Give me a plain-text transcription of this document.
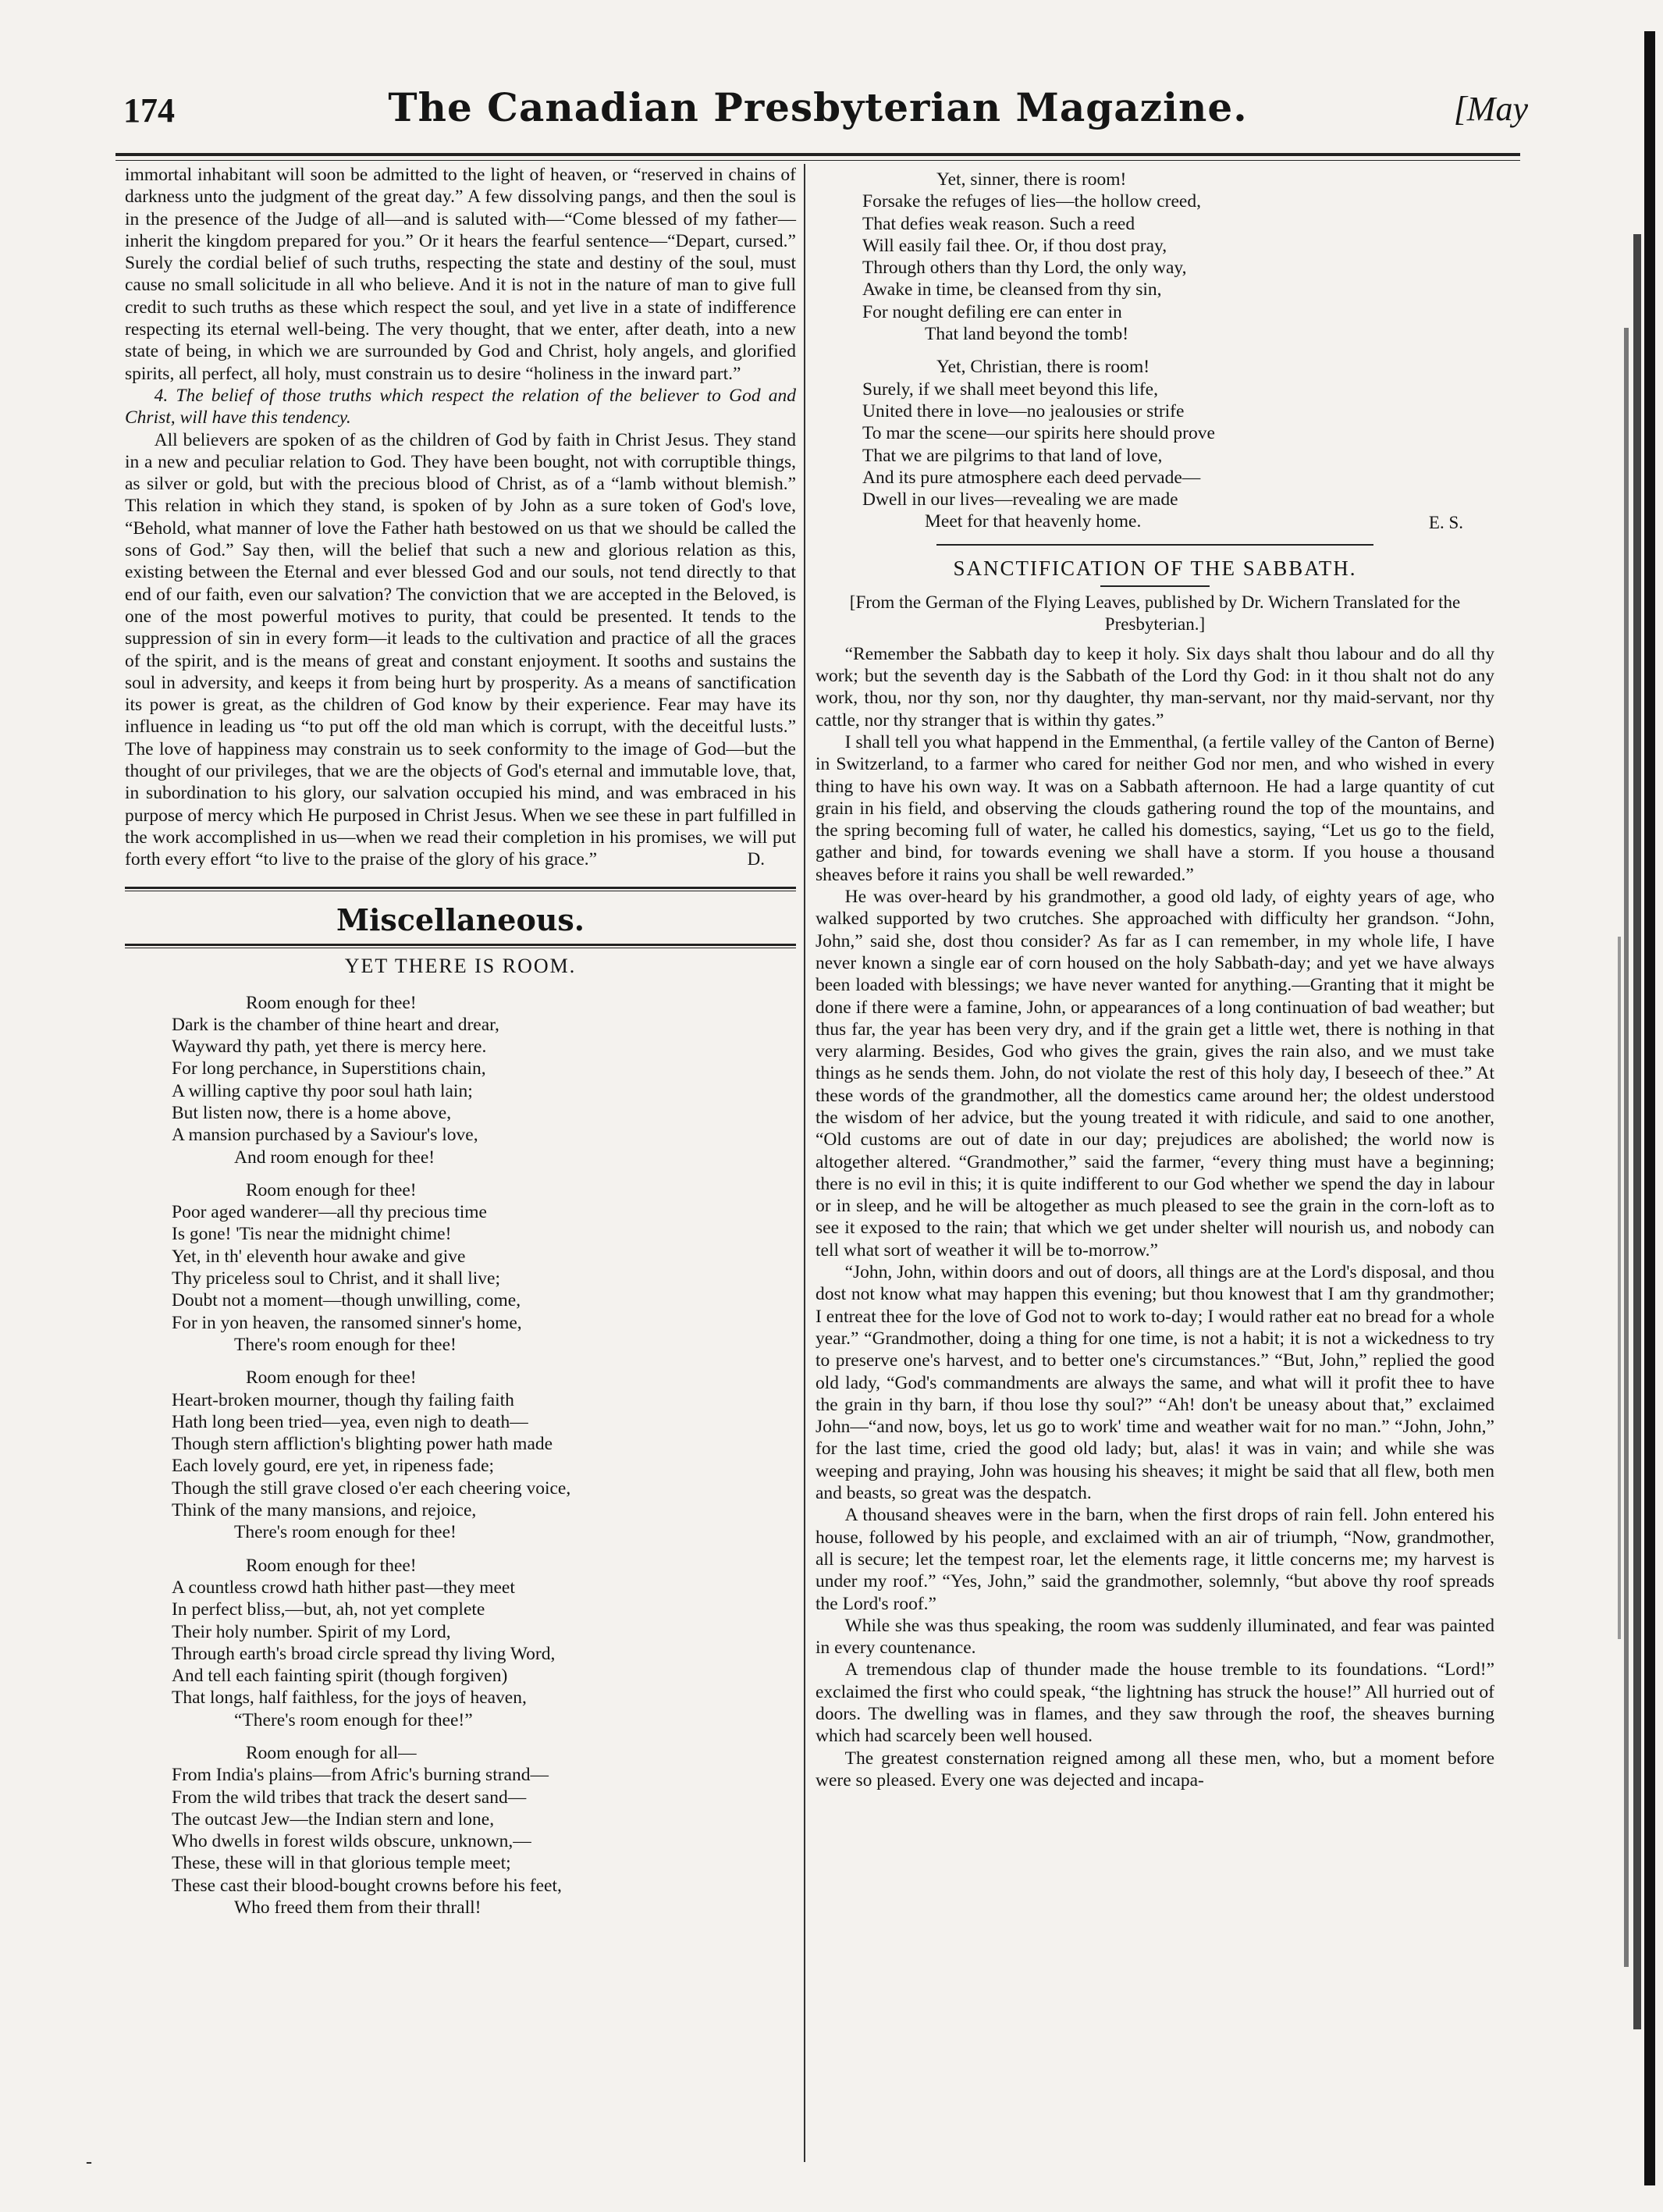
174	The Canadian Presbyterian Magazine.	[May

immortal inhabitant will soon be admitted to the light of heaven, or “reserved in chains of darkness unto the judgment of the great day.” A few dissolving pangs, and then the soul is in the presence of the Judge of all—and is saluted with—“Come blessed of my father—inherit the kingdom prepared for you.” Or it hears the fearful sentence—“Depart, cursed.” Surely the cordial belief of such truths, respecting the state and destiny of the soul, must cause no small solicitude in all who believe. And it is not in the nature of man to give full credit to such truths as these which respect the soul, and yet live in a state of indifference respecting its eternal well-being. The very thought, that we enter, after death, into a new state of being, in which we are surrounded by God and Christ, holy angels, and glorified spirits, all perfect, all holy, must constrain us to desire “holiness in the inward part.”

4. The belief of those truths which respect the relation of the believer to God and Christ, will have this tendency.

All believers are spoken of as the children of God by faith in Christ Jesus. They stand in a new and peculiar relation to God. They have been bought, not with corruptible things, as silver or gold, but with the precious blood of Christ, as of a “lamb without blemish.” This relation in which they stand, is spoken of by John as a sure token of God's love, “Behold, what manner of love the Father hath bestowed on us that we should be called the sons of God.” Say then, will the belief that such a new and glorious relation as this, existing between the Eternal and ever blessed God and our souls, not tend directly to that end of our faith, even our salvation? The conviction that we are accepted in the Beloved, is one of the most powerful motives to purity, that could be presented. It tends to the suppression of sin in every form—it leads to the cultivation and practice of all the graces of the spirit, and is the means of great and constant enjoyment. It sooths and sustains the soul in adversity, and keeps it from being hurt by prosperity. As a means of sanctification its power is great, as the children of God know by their experience. Fear may have its influence in leading us “to put off the old man which is corrupt, with the deceitful lusts.” The love of happiness may constrain us to seek conformity to the image of God—but the thought of our privileges, that we are the objects of God's eternal and immutable love, that, in subordination to his glory, our salvation occupied his mind, and was embraced in his purpose of mercy which He purposed in Christ Jesus. When we see these in part fulfilled in the work accomplished in us—when we read their completion in his promises, we will put forth every effort “to live to the praise of the glory of his grace.”	D.
Miscellaneous.
YET THERE IS ROOM.
Room enough for thee!
Dark is the chamber of thine heart and drear,
Wayward thy path, yet there is mercy here.
For long perchance, in Superstitions chain,
A willing captive thy poor soul hath lain;
But listen now, there is a home above,
A mansion purchased by a Saviour's love,
And room enough for thee!
Room enough for thee!
Poor aged wanderer—all thy precious time
Is gone! 'Tis near the midnight chime!
Yet, in th' eleventh hour awake and give
Thy priceless soul to Christ, and it shall live;
Doubt not a moment—though unwilling, come,
For in yon heaven, the ransomed sinner's home,
There's room enough for thee!
Room enough for thee!
Heart-broken mourner, though thy failing faith
Hath long been tried—yea, even nigh to death—
Though stern affliction's blighting power hath made
Each lovely gourd, ere yet, in ripeness fade;
Though the still grave closed o'er each cheering voice,
Think of the many mansions, and rejoice,
There's room enough for thee!
Room enough for thee!
A countless crowd hath hither past—they meet
In perfect bliss,—but, ah, not yet complete
Their holy number. Spirit of my Lord,
Through earth's broad circle spread thy living Word,
And tell each fainting spirit (though forgiven)
That longs, half faithless, for the joys of heaven,
“There's room enough for thee!”
Room enough for all—
From India's plains—from Afric's burning strand—
From the wild tribes that track the desert sand—
The outcast Jew—the Indian stern and lone,
Who dwells in forest wilds obscure, unknown,—
These, these will in that glorious temple meet;
These cast their blood-bought crowns before his feet,
Who freed them from their thrall!
Yet, sinner, there is room!
Forsake the refuges of lies—the hollow creed,
That defies weak reason. Such a reed
Will easily fail thee. Or, if thou dost pray,
Through others than thy Lord, the only way,
Awake in time, be cleansed from thy sin,
For nought defiling ere can enter in
That land beyond the tomb!
Yet, Christian, there is room!
Surely, if we shall meet beyond this life,
United there in love—no jealousies or strife
To mar the scene—our spirits here should prove
That we are pilgrims to that land of love,
And its pure atmosphere each deed pervade—
Dwell in our lives—revealing we are made
Meet for that heavenly home.	E. S.
SANCTIFICATION OF THE SABBATH.
[From the German of the Flying Leaves, published by Dr. Wichern Translated for the Presbyterian.]

“Remember the Sabbath day to keep it holy. Six days shalt thou labour and do all thy work; but the seventh day is the Sabbath of the Lord thy God: in it thou shalt not do any work, thou, nor thy son, nor thy daughter, thy man-servant, nor thy maid-servant, nor thy cattle, nor thy stranger that is within thy gates.”

I shall tell you what happend in the Emmenthal, (a fertile valley of the Canton of Berne) in Switzerland, to a farmer who cared for neither God nor men, and who wished in every thing to have his own way. It was on a Sabbath afternoon. He had a large quantity of cut grain in his field, and observing the clouds gathering round the top of the mountains, and the spring becoming full of water, he called his domestics, saying, “Let us go to the field, gather and bind, for towards evening we shall have a storm. If you house a thousand sheaves before it rains you shall be well rewarded.”

He was over-heard by his grandmother, a good old lady, of eighty years of age, who walked supported by two crutches. She approached with difficulty her grandson. “John, John,” said she, dost thou consider? As far as I can remember, in my whole life, I have never known a single ear of corn housed on the holy Sabbath-day; and yet we have always been loaded with blessings; we have never wanted for anything.—Granting that it might be done if there were a famine, John, or appearances of a long continuation of bad weather; but thus far, the year has been very dry, and if the grain get a little wet, there is nothing in that very alarming. Besides, God who gives the grain, gives the rain also, and we must take things as he sends them. John, do not violate the rest of this holy day, I beseech of thee.” At these words of the grandmother, all the domestics came around her; the oldest understood the wisdom of her advice, but the young treated it with ridicule, and said to one another, “Old customs are out of date in our day; prejudices are abolished; the world now is altogether altered. “Grandmother,” said the farmer, “every thing must have a beginning; there is no evil in this; it is quite indifferent to our God whether we spend the day in labour or in sleep, and he will be altogether as much pleased to see the grain in the corn-loft as to see it exposed to the rain; that which we get under shelter will nourish us, and nobody can tell what sort of weather it will be to-morrow.”

“John, John, within doors and out of doors, all things are at the Lord's disposal, and thou dost not know what may happen this evening; but thou knowest that I am thy grandmother; I entreat thee for the love of God not to work to-day; I would rather eat no bread for a whole year.” “Grandmother, doing a thing for one time, is not a habit; it is not a wickedness to try to preserve one's harvest, and to better one's circumstances.” “But, John,” replied the good old lady, “God's commandments are always the same, and what will it profit thee to have the grain in thy barn, if thou lose thy soul?” “Ah! don't be uneasy about that,” exclaimed John—“and now, boys, let us go to work' time and weather wait for no man.” “John, John,” for the last time, cried the good old lady; but, alas! it was in vain; and while she was weeping and praying, John was housing his sheaves; it might be said that all flew, both men and beasts, so great was the despatch.

A thousand sheaves were in the barn, when the first drops of rain fell. John entered his house, followed by his people, and exclaimed with an air of triumph, “Now, grandmother, all is secure; let the tempest roar, let the elements rage, it little concerns me; my harvest is under my roof.” “Yes, John,” said the grandmother, solemnly, “but above thy roof spreads the Lord's roof.”

While she was thus speaking, the room was suddenly illuminated, and fear was painted in every countenance.

A tremendous clap of thunder made the house tremble to its foundations. “Lord!” exclaimed the first who could speak, “the lightning has struck the house!” All hurried out of doors. The dwelling was in flames, and they saw through the roof, the sheaves burning which had scarcely been well housed.

The greatest consternation reigned among all these men, who, but a moment before were so pleased. Every one was dejected and incapa-

-
